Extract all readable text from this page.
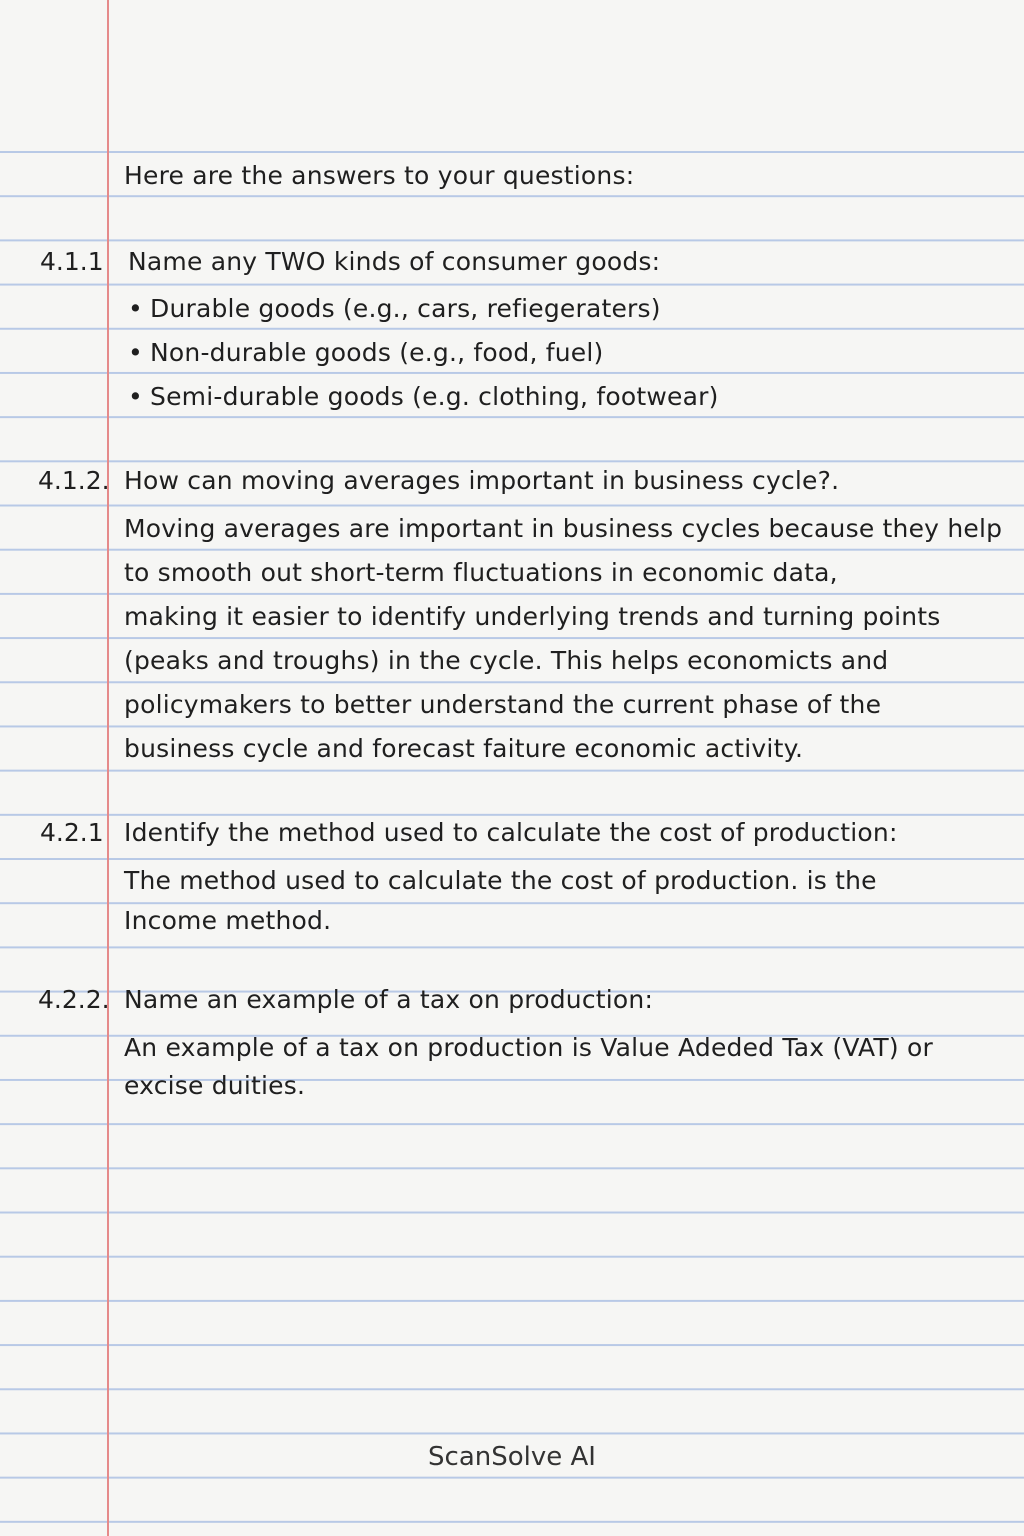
Here are the answers to your questions:
4.1.1 Name any TWO kinds of consumer goods:
• Durable goods (e.g., cars, refiegeraters)
• Non-durable goods (e.g., food, fuel)
• Semi-durable goods (e.g. clothing, footwear)
4.1.2. How can moving averages important in business cycle?.
Moving averages are important in business cycles because they help
to smooth out short-term fluctuations in economic data,
making it easier to identify underlying trends and turning points
(peaks and troughs) in the cycle. This helps economicts and
policymakers to better understand the current phase of the
business cycle and forecast faiture economic activity.
4.2.1 Identify the method used to calculate the cost of production:
The method used to calculate the cost of production. is the
Income method.
4.2.2. Name an example of a tax on production:
An example of a tax on production is Value Adeded Tax (VAT) or
excise duities.
ScanSolve AI
